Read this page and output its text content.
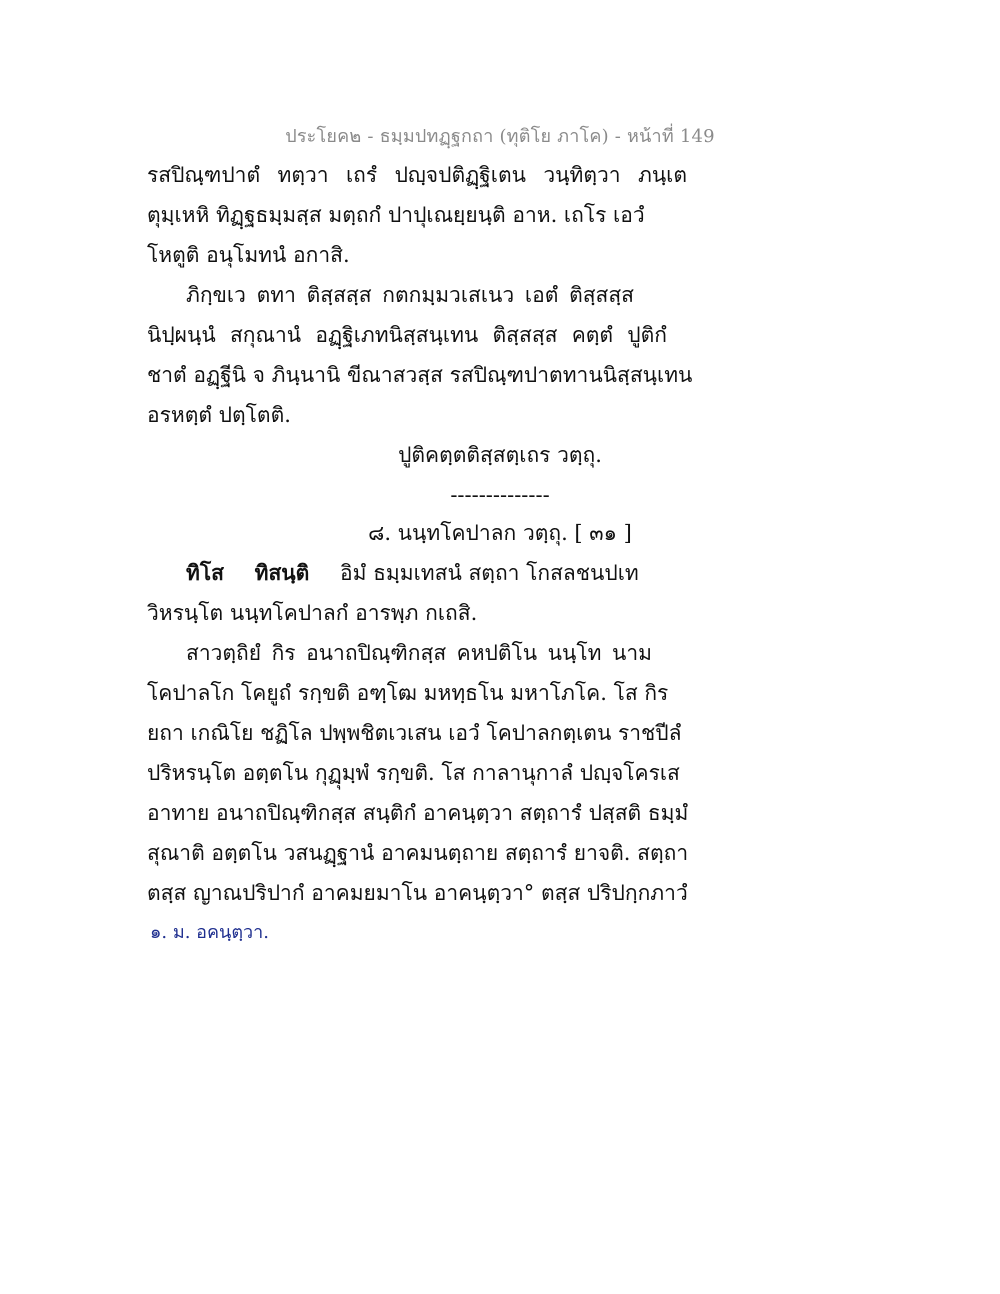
ประโยค๒ - ธมฺมปทฏฺฐกถา (ทุติโย ภาโค) - หน้าที่ 149
รสปิณฺฑปาตํ ทตฺวา เถรํ ปญฺจปติฏฺฐิเตน วนฺทิตฺวา ภนฺเต
ตุมฺเหหิ ทิฏฺฐธมฺมสฺส มตฺถกํ ปาปุเณยฺยนฺติ อาห. เถโร เอวํ
โหตูติ อนุโมทนํ อกาสิ.
ภิกฺขเว ตทา ติสฺสสฺส กตกมฺมวเสเนว เอตํ ติสฺสสฺส
นิปฺผนฺนํ สกุณานํ อฏฺฐิเภทนิสฺสนฺเทน ติสฺสสฺส คตฺตํ ปูติกํ
ชาตํ อฏฺฐีนิ จ ภินฺนานิ ขีณาสวสฺส รสปิณฺฑปาตทานนิสฺสนฺเทน
อรหตฺตํ ปตฺโตติ.
ปูติคตฺตติสฺสตฺเถร วตฺถุ.
--------------
๘. นนฺทโคปาลก วตฺถุ. [ ๓๑ ]
ทิโส ทิสนฺติ อิมํ ธมฺมเทสนํ สตฺถา โกสลชนปเท
วิหรนฺโต นนฺทโคปาลกํ อารพฺภ กเถสิ.
สาวตฺถิยํ กิร อนาถปิณฺฑิกสฺส คหปติโน นนฺโท นาม
โคปาลโก โคยูถํ รกฺขติ อฑฺโฒ มหทฺธโน มหาโภโค. โส กิร
ยถา เกณิโย ชฏิโล ปพฺพชิตเวเสน เอวํ โคปาลกตฺเตน ราชปีลํ
ปริหรนฺโต อตฺตโน กุฏุมฺพํ รกฺขติ. โส กาลานุกาลํ ปญฺจโครเส
อาทาย อนาถปิณฺฑิกสฺส สนฺติกํ อาคนฺตฺวา สตฺถารํ ปสฺสติ ธมฺมํ
สุณาติ อตฺตโน วสนฏฺฐานํ อาคมนตฺถาย สตฺถารํ ยาจติ. สตฺถา
ตสฺส ญาณปริปากํ อาคมยมาโน อาคนฺตฺวา° ตสฺส ปริปกฺกภาวํ
๑. ม. อคนฺตฺวา.
